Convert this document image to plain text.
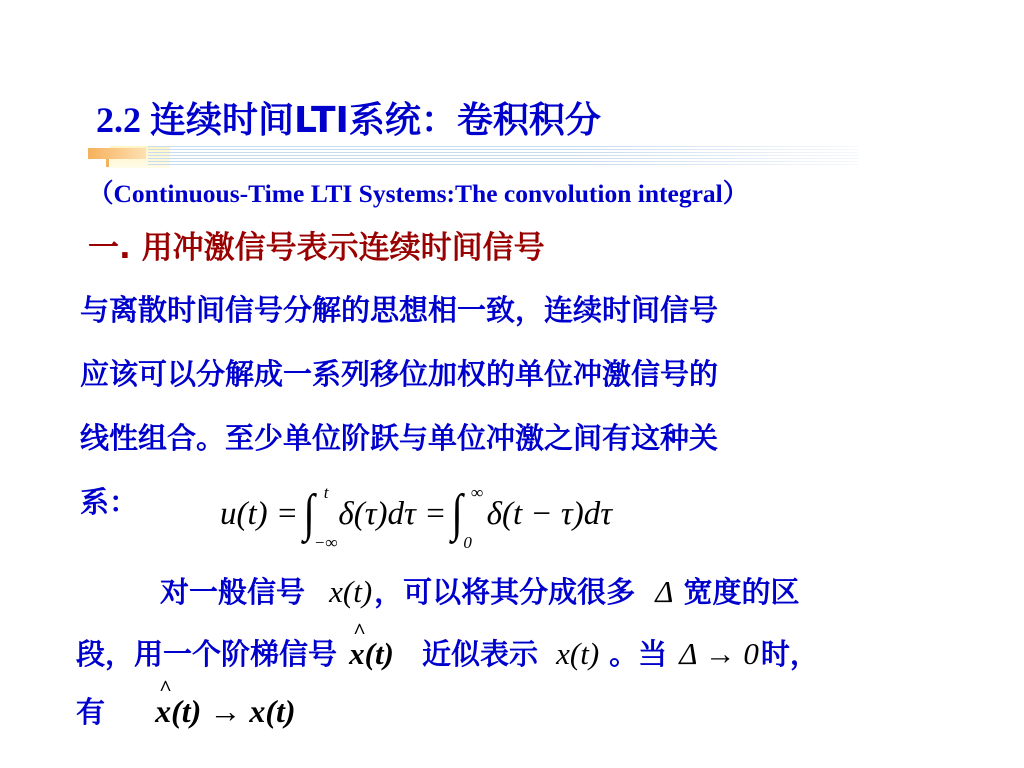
2.2 连续时间LTI系统：卷积积分
（Continuous-Time LTI Systems:The convolution integral）
一. 用冲激信号表示连续时间信号
与离散时间信号分解的思想相一致，连续时间信号
应该可以分解成一系列移位加权的单位冲激信号的
线性组合。至少单位阶跃与单位冲激之间有这种关
系：	u(t) = ∫ t
−∞
δ(τ)dτ = ∫ ∞
0
δ(t − τ)dτ
对一般信号 x(t)，可以将其分成很多 Δ 宽度的区
段，用一个阶梯信号 ^ x(t) 近似表示 x(t) 。当 Δ → 0时，
有 ^ x(t) → x(t)
